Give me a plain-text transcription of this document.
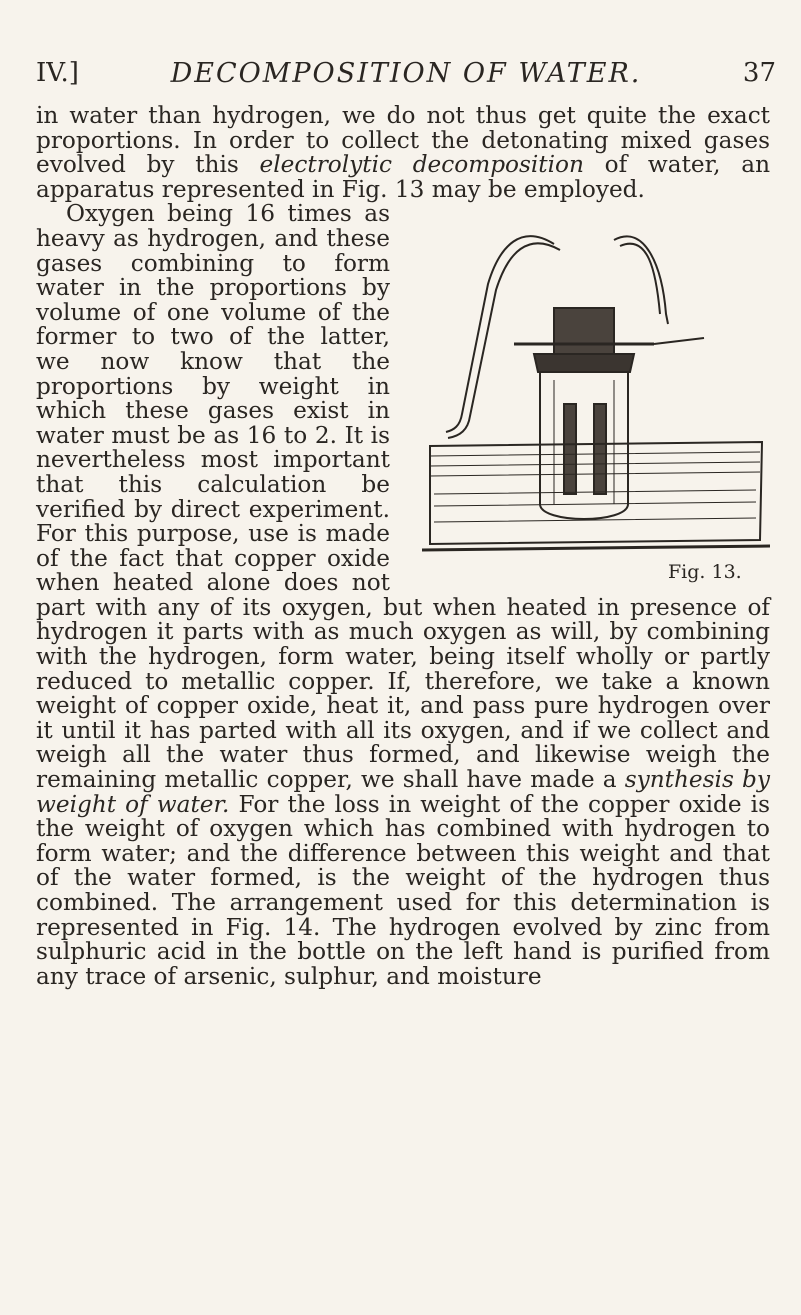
IV.]	DECOMPOSITION OF WATER.	37

in water than hydrogen, we do not thus get quite the exact proportions. In order to collect the detonating mixed gases evolved by this electrolytic decomposition of water, an apparatus represented in Fig. 13 may be employed.

Fig. 13.

Oxygen being 16 times as heavy as hydrogen, and these gases combining to form water in the proportions by volume of one volume of the former to two of the latter, we now know that the proportions by weight in which these gases exist in water must be as 16 to 2. It is nevertheless most important that this calculation be verified by direct experiment. For this purpose, use is made of the fact that copper oxide when heated alone does not part with any of its oxygen, but when heated in presence of hydrogen it parts with as much oxygen as will, by combining with the hydrogen, form water, being itself wholly or partly reduced to metallic copper. If, therefore, we take a known weight of copper oxide, heat it, and pass pure hydrogen over it until it has parted with all its oxygen, and if we collect and weigh all the water thus formed, and likewise weigh the remaining metallic copper, we shall have made a synthesis by weight of water. For the loss in weight of the copper oxide is the weight of oxygen which has combined with hydrogen to form water; and the difference between this weight and that of the water formed, is the weight of the hydrogen thus combined. The arrangement used for this determination is represented in Fig. 14. The hydrogen evolved by zinc from sulphuric acid in the bottle on the left hand is purified from any trace of arsenic, sulphur, and moisture
